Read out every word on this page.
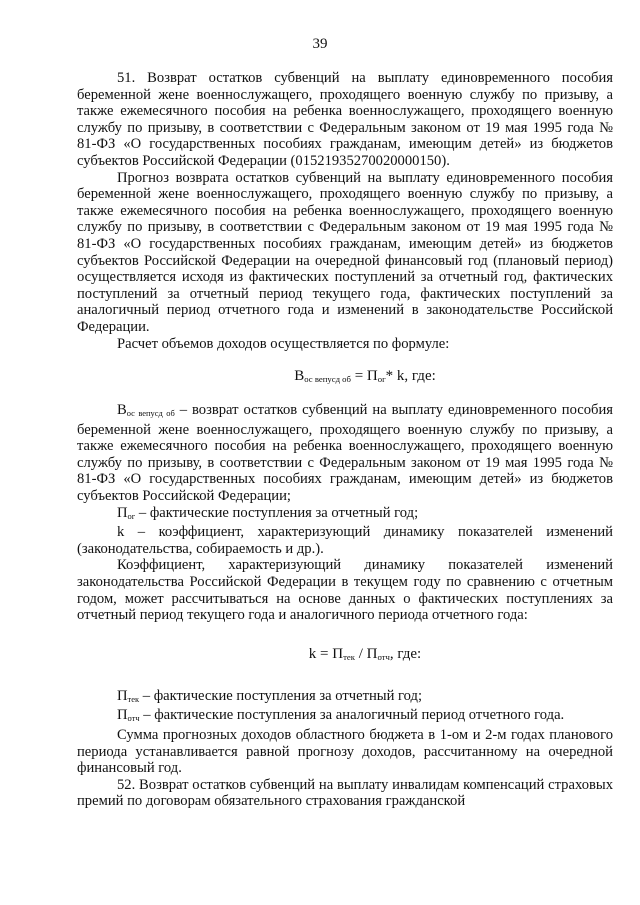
39

51. Возврат остатков субвенций на выплату единовременного пособия беременной жене военнослужащего, проходящего военную службу по призыву, а также ежемесячного пособия на ребенка военнослужащего, проходящего военную службу по призыву, в соответствии с Федеральным законом от 19 мая 1995 года № 81-ФЗ «О государственных пособиях гражданам, имеющим детей» из бюджетов субъектов Российской Федерации (01521935270020000150).

Прогноз возврата остатков субвенций на выплату единовременного пособия беременной жене военнослужащего, проходящего военную службу по призыву, а также ежемесячного пособия на ребенка военнослужащего, проходящего военную службу по призыву, в соответствии с Федеральным законом от 19 мая 1995 года № 81-ФЗ «О государственных пособиях гражданам, имеющим детей» из бюджетов субъектов Российской Федерации на очередной финансовый год (плановый период) осуществляется исходя из фактических поступлений за отчетный год, фактических поступлений за отчетный период текущего года, фактических поступлений за аналогичный период отчетного года и изменений в законодательстве Российской Федерации.

Расчет объемов доходов осуществляется по формуле:

Вос вепусд об = Пог* k, где:

Вос вепусд об – возврат остатков субвенций на выплату единовременного пособия беременной жене военнослужащего, проходящего военную службу по призыву, а также ежемесячного пособия на ребенка военнослужащего, проходящего военную службу по призыву, в соответствии с Федеральным законом от 19 мая 1995 года № 81-ФЗ «О государственных пособиях гражданам, имеющим детей» из бюджетов субъектов Российской Федерации;

Пог – фактические поступления за отчетный год;

k – коэффициент, характеризующий динамику показателей изменений (законодательства, собираемость и др.).

Коэффициент, характеризующий динамику показателей изменений законодательства Российской Федерации в текущем году по сравнению с отчетным годом, может рассчитываться на основе данных о фактических поступлениях за отчетный период текущего года и аналогичного периода отчетного года:

k = Птек / Потч, где:

Птек – фактические поступления за отчетный год;

Потч – фактические поступления за аналогичный период отчетного года.

Сумма прогнозных доходов областного бюджета в 1-ом и 2-м годах планового периода устанавливается равной прогнозу доходов, рассчитанному на очередной финансовый год.

52. Возврат остатков субвенций на выплату инвалидам компенсаций страховых премий по договорам обязательного страхования гражданской
